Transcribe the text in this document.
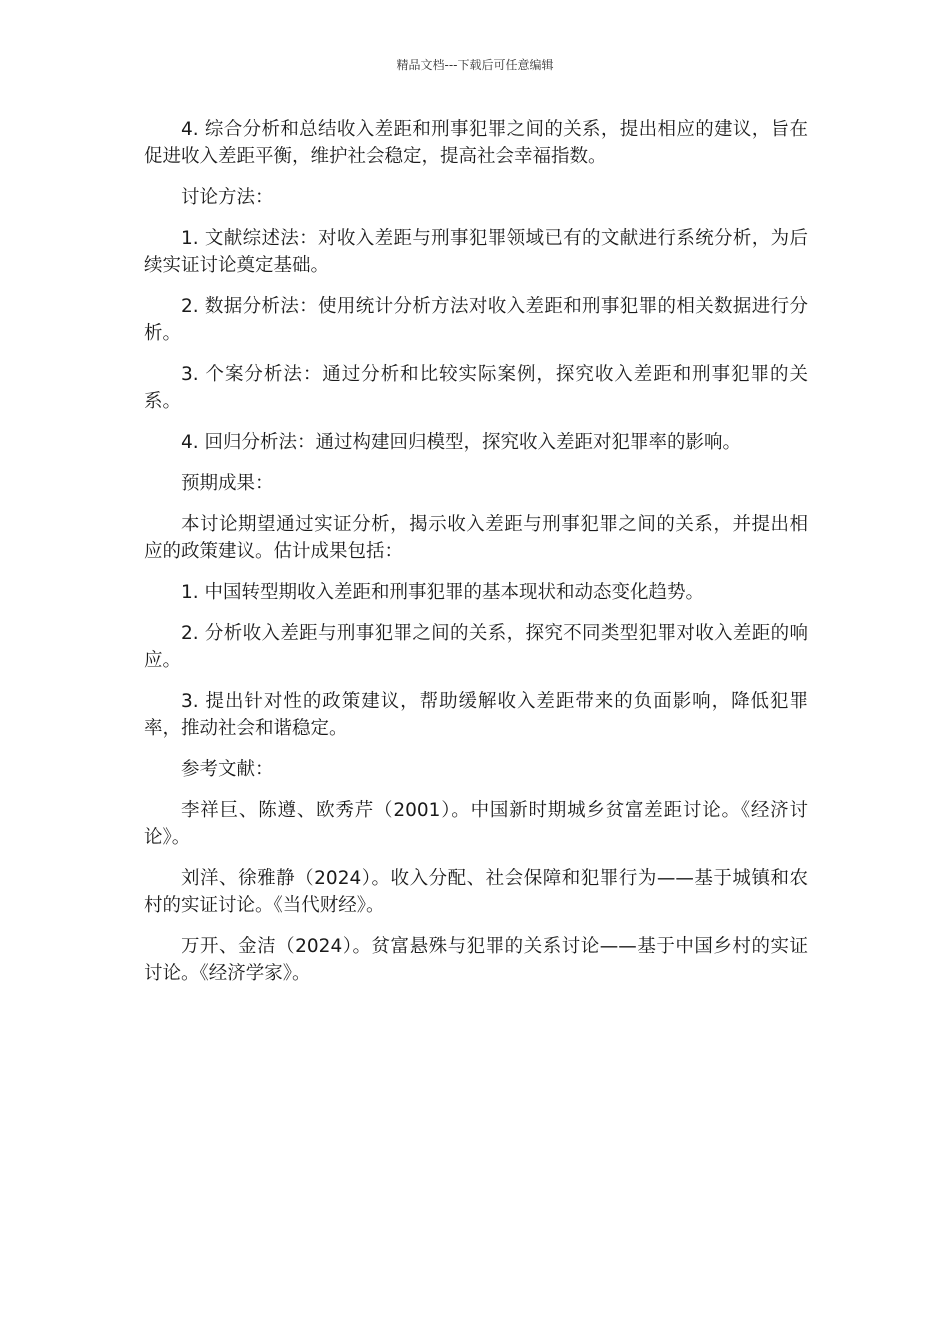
精品文档---下载后可任意编辑

4. 综合分析和总结收入差距和刑事犯罪之间的关系，提出相应的建议，旨在促进收入差距平衡，维护社会稳定，提高社会幸福指数。

讨论方法：

1. 文献综述法：对收入差距与刑事犯罪领域已有的文献进行系统分析，为后续实证讨论奠定基础。

2. 数据分析法：使用统计分析方法对收入差距和刑事犯罪的相关数据进行分析。

3. 个案分析法：通过分析和比较实际案例，探究收入差距和刑事犯罪的关系。

4. 回归分析法：通过构建回归模型，探究收入差距对犯罪率的影响。

预期成果：

本讨论期望通过实证分析，揭示收入差距与刑事犯罪之间的关系，并提出相应的政策建议。估计成果包括：

1. 中国转型期收入差距和刑事犯罪的基本现状和动态变化趋势。

2. 分析收入差距与刑事犯罪之间的关系，探究不同类型犯罪对收入差距的响应。

3. 提出针对性的政策建议，帮助缓解收入差距带来的负面影响，降低犯罪率，推动社会和谐稳定。

参考文献：

李祥巨、陈遵、欧秀芹（2001）。中国新时期城乡贫富差距讨论。《经济讨论》。

刘洋、徐雅静（2024）。收入分配、社会保障和犯罪行为——基于城镇和农村的实证讨论。《当代财经》。

万开、金洁（2024）。贫富悬殊与犯罪的关系讨论——基于中国乡村的实证讨论。《经济学家》。
